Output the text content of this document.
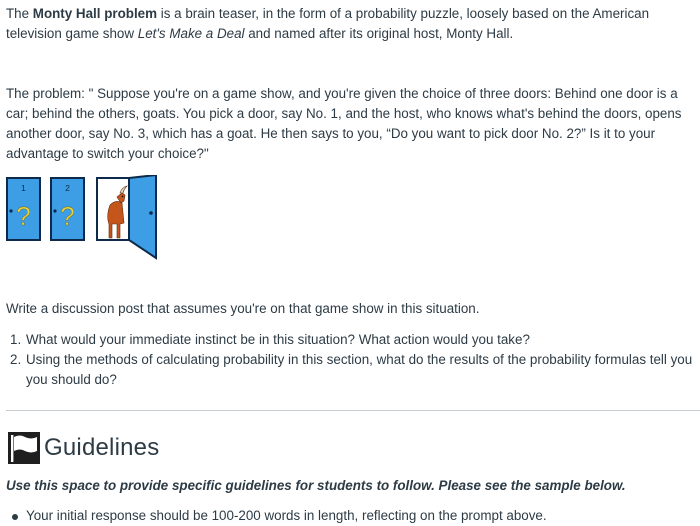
The Monty Hall problem is a brain teaser, in the form of a probability puzzle, loosely based on the American television game show Let's Make a Deal and named after its original host, Monty Hall.

The problem: " Suppose you're on a game show, and you're given the choice of three doors: Behind one door is a car; behind the others, goats. You pick a door, say No. 1, and the host, who knows what's behind the doors, opens another door, say No. 3, which has a goat. He then says to you, “Do you want to pick door No. 2?” Is it to your advantage to switch your choice?"

1
?
2
?

Write a discussion post that assumes you're on that game show in this situation.

1. What would your immediate instinct be in this situation? What action would you take?
2. Using the methods of calculating probability in this section, what do the results of the probability formulas tell you you should do?
Guidelines

Use this space to provide specific guidelines for students to follow. Please see the sample below.

Your initial response should be 100-200 words in length, reflecting on the prompt above.
